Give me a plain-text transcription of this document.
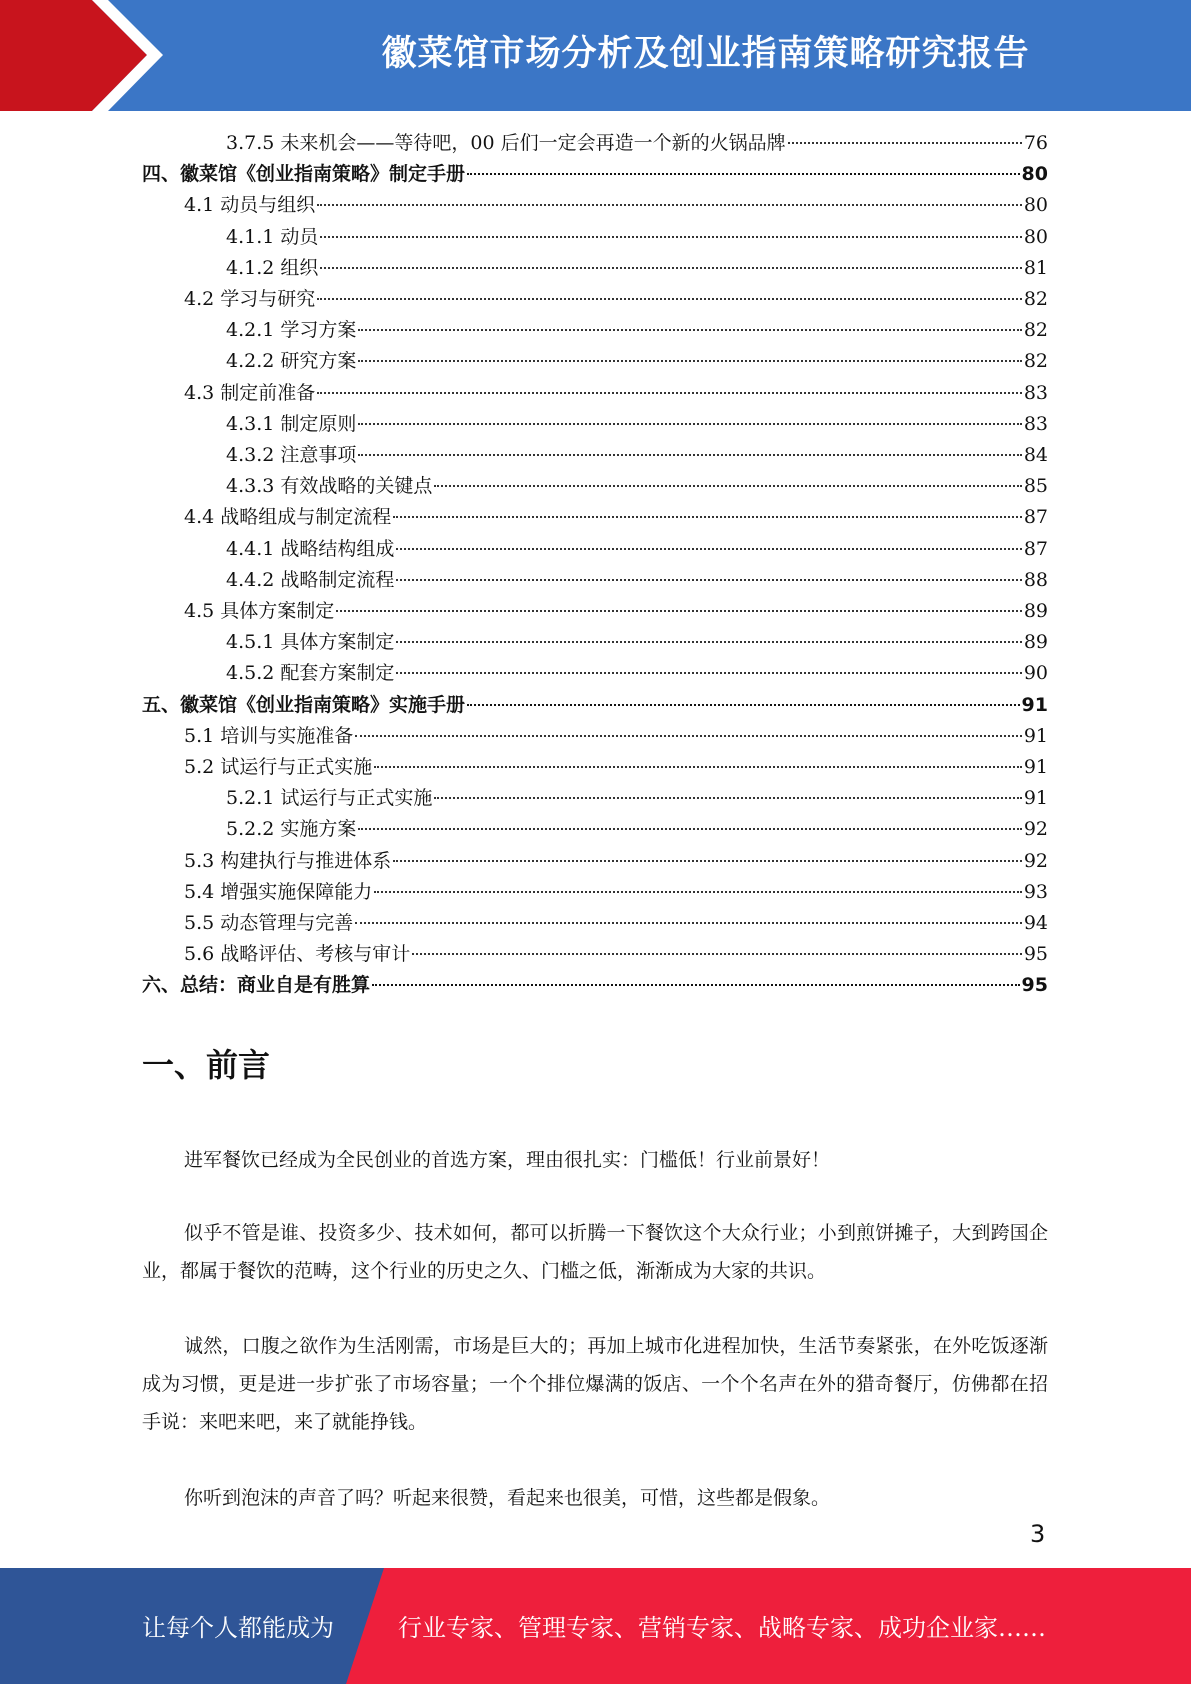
徽菜馆市场分析及创业指南策略研究报告
3.7.5 未来机会——等待吧，00 后们一定会再造一个新的火锅品牌	76
四、徽菜馆《创业指南策略》制定手册	80
4.1 动员与组织	80
4.1.1 动员	80
4.1.2 组织	81
4.2 学习与研究	82
4.2.1 学习方案	82
4.2.2 研究方案	82
4.3 制定前准备	83
4.3.1 制定原则	83
4.3.2 注意事项	84
4.3.3 有效战略的关键点	85
4.4 战略组成与制定流程	87
4.4.1 战略结构组成	87
4.4.2 战略制定流程	88
4.5 具体方案制定	89
4.5.1 具体方案制定	89
4.5.2 配套方案制定	90
五、徽菜馆《创业指南策略》实施手册	91
5.1 培训与实施准备	91
5.2 试运行与正式实施	91
5.2.1 试运行与正式实施	91
5.2.2 实施方案	92
5.3 构建执行与推进体系	92
5.4 增强实施保障能力	93
5.5 动态管理与完善	94
5.6 战略评估、考核与审计	95
六、总结：商业自是有胜算	95
一、前言
进军餐饮已经成为全民创业的首选方案，理由很扎实：门槛低！行业前景好！
似乎不管是谁、投资多少、技术如何，都可以折腾一下餐饮这个大众行业；小到煎饼摊子，大到跨国企业，都属于餐饮的范畴，这个行业的历史之久、门槛之低，渐渐成为大家的共识。
诚然，口腹之欲作为生活刚需，市场是巨大的；再加上城市化进程加快，生活节奏紧张，在外吃饭逐渐成为习惯，更是进一步扩张了市场容量；一个个排位爆满的饭店、一个个名声在外的猎奇餐厅，仿佛都在招手说：来吧来吧，来了就能挣钱。
你听到泡沫的声音了吗？听起来很赞，看起来也很美，可惜，这些都是假象。
3
让每个人都能成为	行业专家、管理专家、营销专家、战略专家、成功企业家……
